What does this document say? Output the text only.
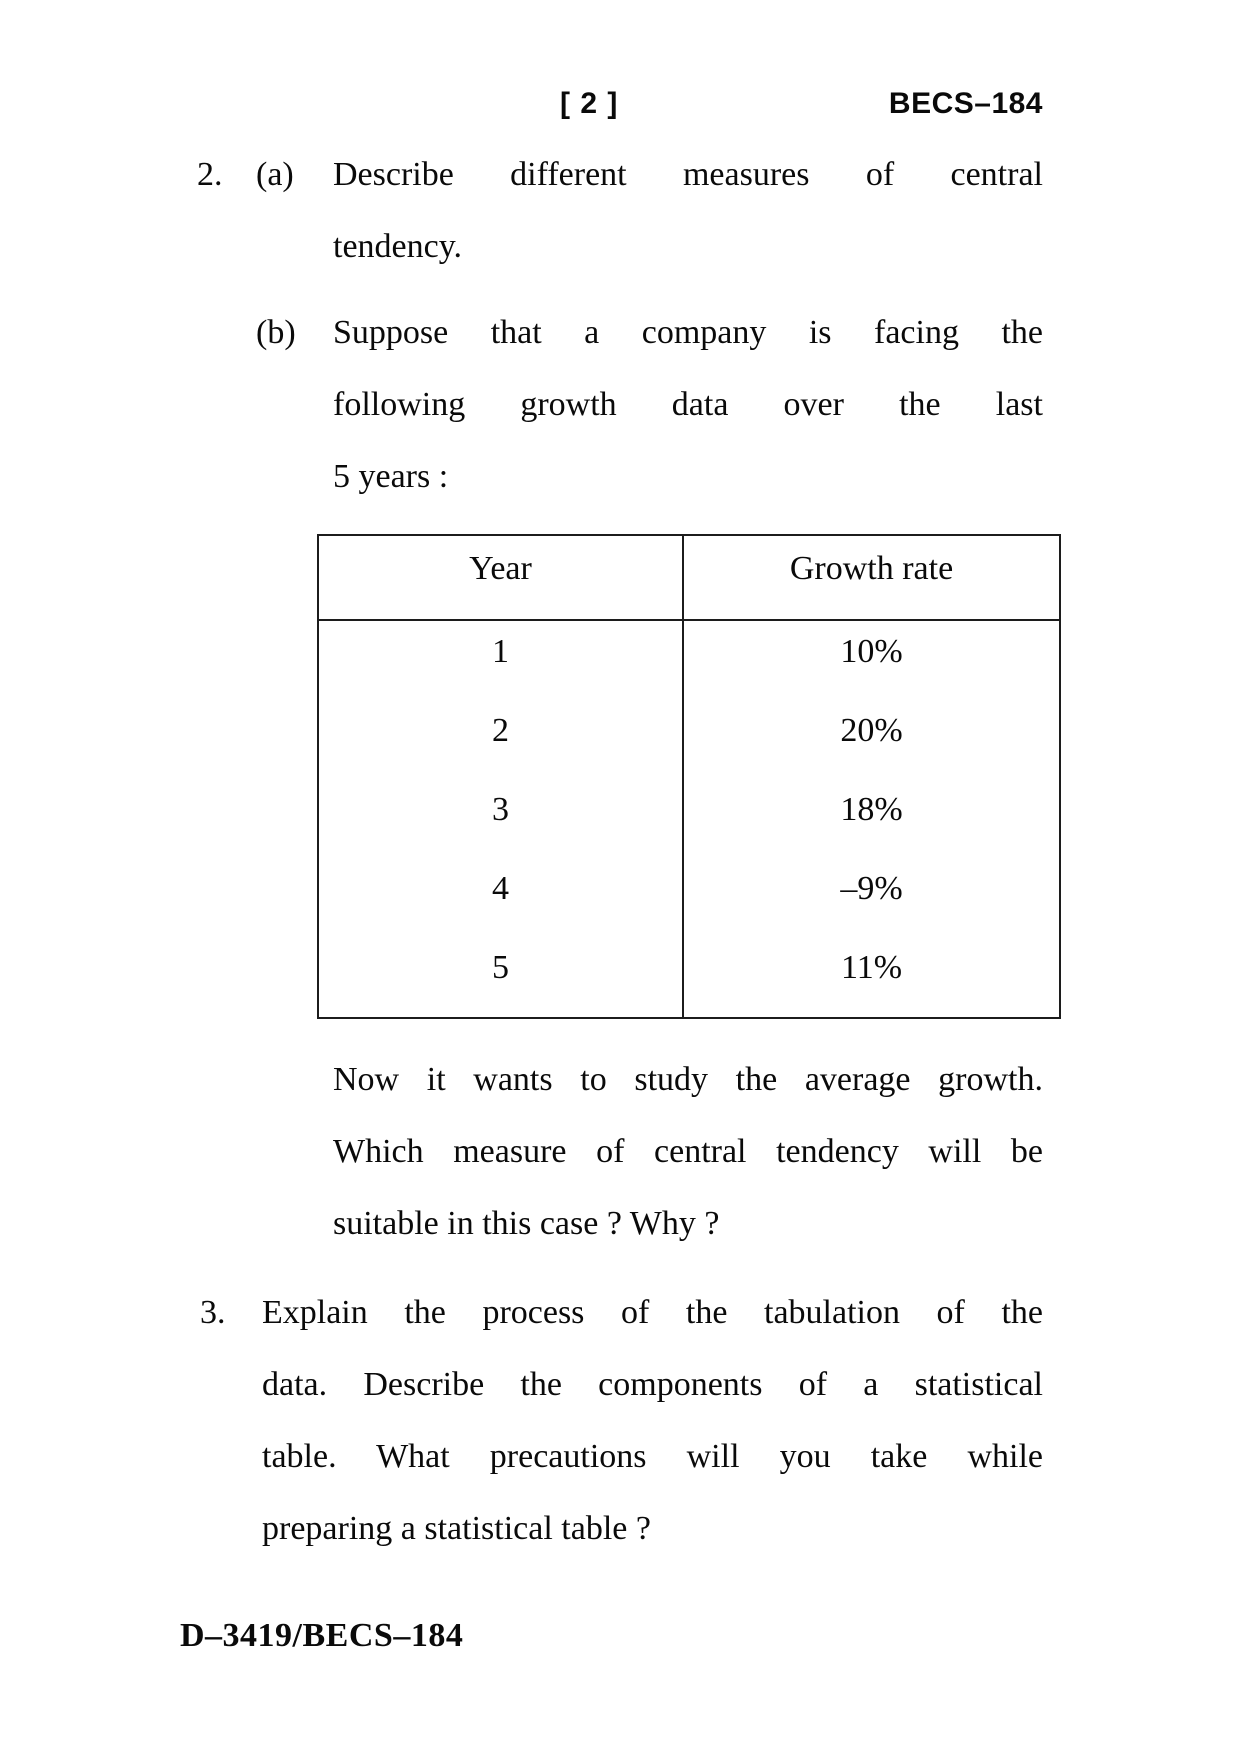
[ 2 ]	BECS–184
2. (a) Describe different measures of central
tendency.
(b) Suppose that a company is facing the
following growth data over the last
5 years :
Year	Growth rate
1	10%
2	20%
3	18%
4	–9%
5	11%
Now it wants to study the average growth.
Which measure of central tendency will be
suitable in this case ? Why ?
3. Explain the process of the tabulation of the
data. Describe the components of a statistical
table. What precautions will you take while
preparing a statistical table ?
D–3419/BECS–184
